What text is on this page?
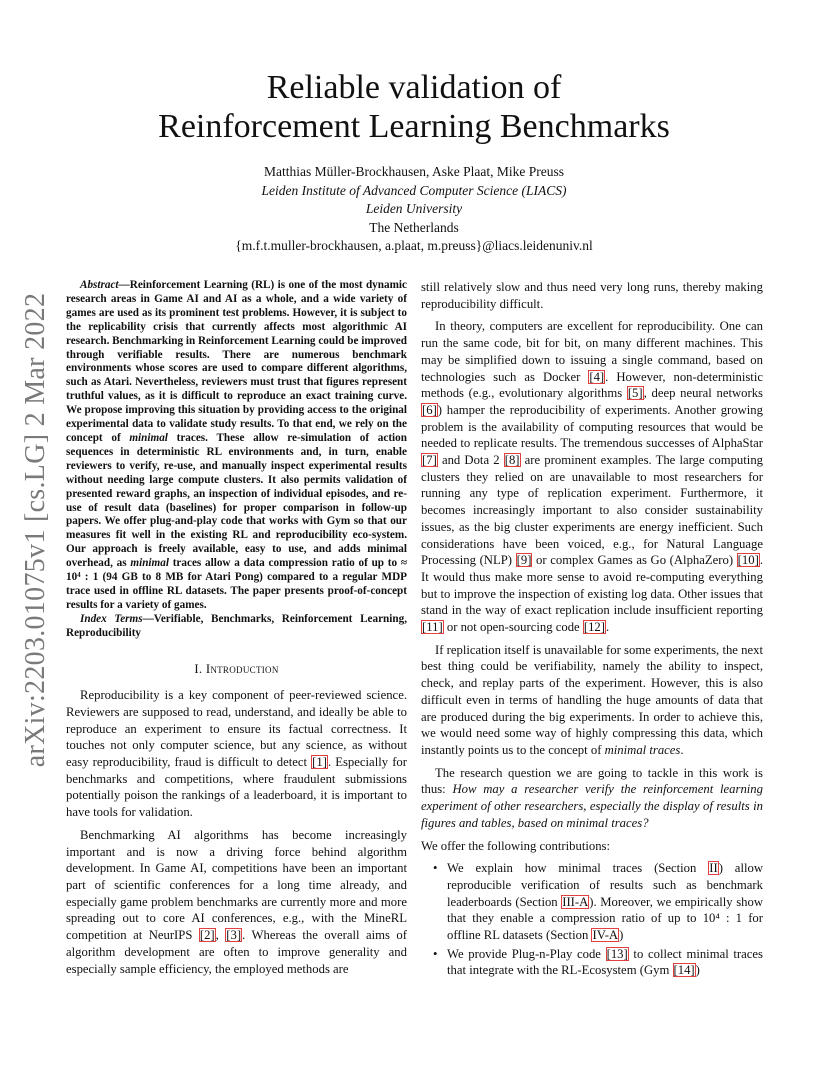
arXiv:2203.01075v1 [cs.LG] 2 Mar 2022
Reliable validation of
Reinforcement Learning Benchmarks
Matthias Müller-Brockhausen, Aske Plaat, Mike Preuss
Leiden Institute of Advanced Computer Science (LIACS)
Leiden University
The Netherlands
{m.f.t.muller-brockhausen, a.plaat, m.preuss}@liacs.leidenuniv.nl

Abstract—Reinforcement Learning (RL) is one of the most dynamic research areas in Game AI and AI as a whole, and a wide variety of games are used as its prominent test problems. However, it is subject to the replicability crisis that currently affects most algorithmic AI research. Benchmarking in Reinforcement Learning could be improved through verifiable results. There are numerous benchmark environments whose scores are used to compare different algorithms, such as Atari. Nevertheless, reviewers must trust that figures represent truthful values, as it is difficult to reproduce an exact training curve. We propose improving this situation by providing access to the original experimental data to validate study results. To that end, we rely on the concept of minimal traces. These allow re-simulation of action sequences in deterministic RL environments and, in turn, enable reviewers to verify, re-use, and manually inspect experimental results without needing large compute clusters. It also permits validation of presented reward graphs, an inspection of individual episodes, and re-use of result data (baselines) for proper comparison in follow-up papers. We offer plug-and-play code that works with Gym so that our measures fit well in the existing RL and reproducibility eco-system. Our approach is freely available, easy to use, and adds minimal overhead, as minimal traces allow a data compression ratio of up to ≈ 10⁴ : 1 (94 GB to 8 MB for Atari Pong) compared to a regular MDP trace used in offline RL datasets. The paper presents proof-of-concept results for a variety of games.

Index Terms—Verifiable, Benchmarks, Reinforcement Learning, Reproducibility

I. Introduction

Reproducibility is a key component of peer-reviewed science. Reviewers are supposed to read, understand, and ideally be able to reproduce an experiment to ensure its factual correctness. It touches not only computer science, but any science, as without easy reproducibility, fraud is difficult to detect [1]. Especially for benchmarks and competitions, where fraudulent submissions potentially poison the rankings of a leaderboard, it is important to have tools for validation.

Benchmarking AI algorithms has become increasingly important and is now a driving force behind algorithm development. In Game AI, competitions have been an important part of scientific conferences for a long time already, and especially game problem benchmarks are currently more and more spreading out to core AI conferences, e.g., with the MineRL competition at NeurIPS [2], [3]. Whereas the overall aims of algorithm development are often to improve generality and especially sample efficiency, the employed methods are

still relatively slow and thus need very long runs, thereby making reproducibility difficult.

In theory, computers are excellent for reproducibility. One can run the same code, bit for bit, on many different machines. This may be simplified down to issuing a single command, based on technologies such as Docker [4]. However, non-deterministic methods (e.g., evolutionary algorithms [5], deep neural networks [6]) hamper the reproducibility of experiments. Another growing problem is the availability of computing resources that would be needed to replicate results. The tremendous successes of AlphaStar [7] and Dota 2 [8] are prominent examples. The large computing clusters they relied on are unavailable to most researchers for running any type of replication experiment. Furthermore, it becomes increasingly important to also consider sustainability issues, as the big cluster experiments are energy inefficient. Such considerations have been voiced, e.g., for Natural Language Processing (NLP) [9] or complex Games as Go (AlphaZero) [10]. It would thus make more sense to avoid re-computing everything but to improve the inspection of existing log data. Other issues that stand in the way of exact replication include insufficient reporting [11] or not open-sourcing code [12].

If replication itself is unavailable for some experiments, the next best thing could be verifiability, namely the ability to inspect, check, and replay parts of the experiment. However, this is also difficult even in terms of handling the huge amounts of data that are produced during the big experiments. In order to achieve this, we would need some way of highly compressing this data, which instantly points us to the concept of minimal traces.

The research question we are going to tackle in this work is thus: How may a researcher verify the reinforcement learning experiment of other researchers, especially the display of results in figures and tables, based on minimal traces?

We offer the following contributions:

• We explain how minimal traces (Section II) allow reproducible verification of results such as benchmark leaderboards (Section III-A). Moreover, we empirically show that they enable a compression ratio of up to 10⁴ : 1 for offline RL datasets (Section IV-A)
• We provide Plug-n-Play code [13] to collect minimal traces that integrate with the RL-Ecosystem (Gym [14])
